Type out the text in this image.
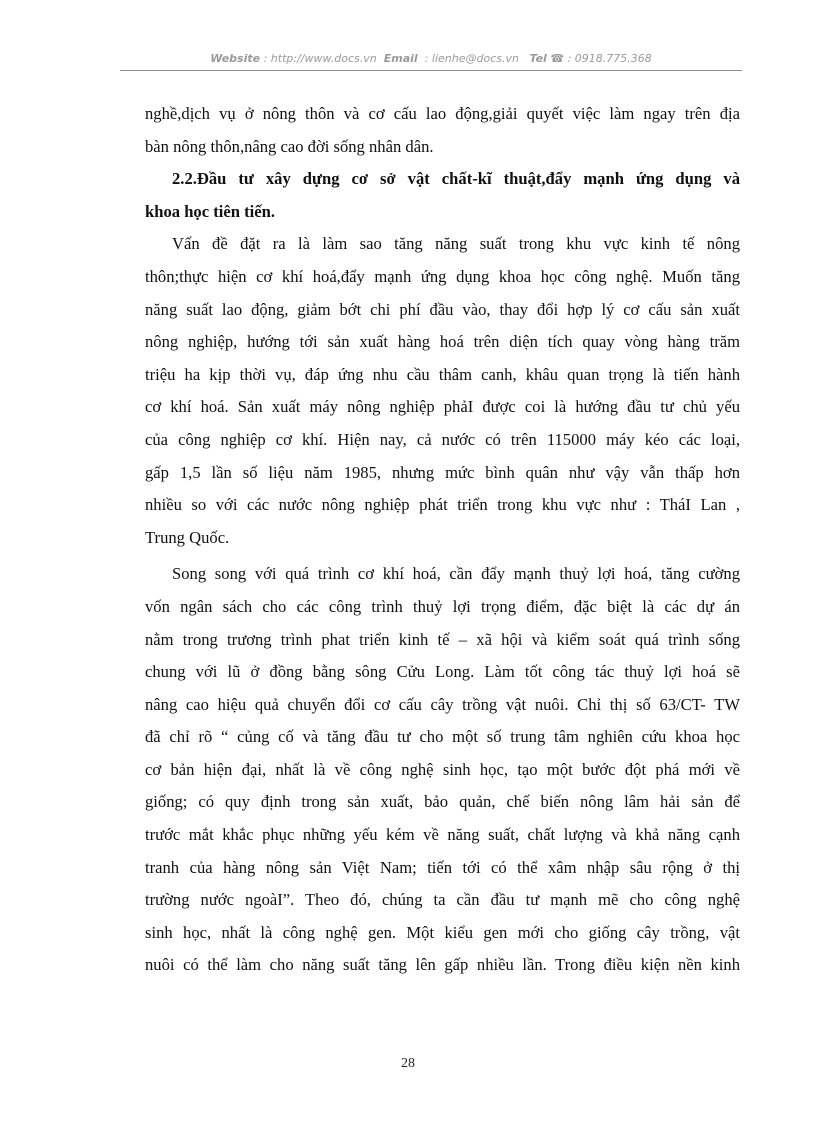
Website : http://www.docs.vn Email : lienhe@docs.vn Tel ☎ : 0918.775.368
nghề,dịch vụ ở nông thôn và cơ cấu lao động,giải quyết việc làm ngay trên địa
bàn nông thôn,nâng cao đời sống nhân dân.
2.2.Đầu tư xây dựng cơ sở vật chất-kĩ thuật,đẩy mạnh ứng dụng và
khoa học tiên tiến.
Vấn đề đặt ra là làm sao tăng năng suất trong khu vực kinh tế nông
thôn;thực hiện cơ khí hoá,đẩy mạnh ứng dụng khoa học công nghệ. Muốn tăng
năng suất lao động, giảm bớt chi phí đầu vào, thay đổi hợp lý cơ cấu sản xuất
nông nghiệp, hướng tới sản xuất hàng hoá trên diện tích quay vòng hàng trăm
triệu ha kịp thời vụ, đáp ứng nhu cầu thâm canh, khâu quan trọng là tiến hành
cơ khí hoá. Sản xuất máy nông nghiệp phảI được coi là hướng đầu tư chủ yếu
của công nghiệp cơ khí. Hiện nay, cả nước có trên 115000 máy kéo các loại,
gấp 1,5 lần số liệu năm 1985, nhưng mức bình quân như vậy vẫn thấp hơn
nhiều so với các nước nông nghiệp phát triển trong khu vực như : TháI Lan ,
Trung Quốc.
Song song với quá trình cơ khí hoá, cần đẩy mạnh thuỷ lợi hoá, tăng cường
vốn ngân sách cho các công trình thuỷ lợi trọng điểm, đặc biệt là các dự án
nằm trong trương trình phat triển kinh tế – xã hội và kiểm soát quá trình sống
chung với lũ ở đồng bằng sông Cửu Long. Làm tốt công tác thuỷ lợi hoá sẽ
nâng cao hiệu quả chuyển đổi cơ cấu cây trồng vật nuôi. Chỉ thị số 63/CT- TW
đã chỉ rõ “ củng cố và tăng đầu tư cho một số trung tâm nghiên cứu khoa học
cơ bản hiện đại, nhất là về công nghệ sinh học, tạo một bước đột phá mới về
giống; có quy định trong sản xuất, bảo quản, chế biến nông lâm hải sản để
trước mắt khắc phục những yếu kém về năng suất, chất lượng và khả năng cạnh
tranh của hàng nông sản Việt Nam; tiến tới có thể xâm nhập sâu rộng ở thị
trường nước ngoàI”. Theo đó, chúng ta cần đầu tư mạnh mẽ cho công nghệ
sinh học, nhất là công nghệ gen. Một kiểu gen mới cho giống cây trồng, vật
nuôi có thể làm cho năng suất tăng lên gấp nhiều lần. Trong điều kiện nền kinh
28
